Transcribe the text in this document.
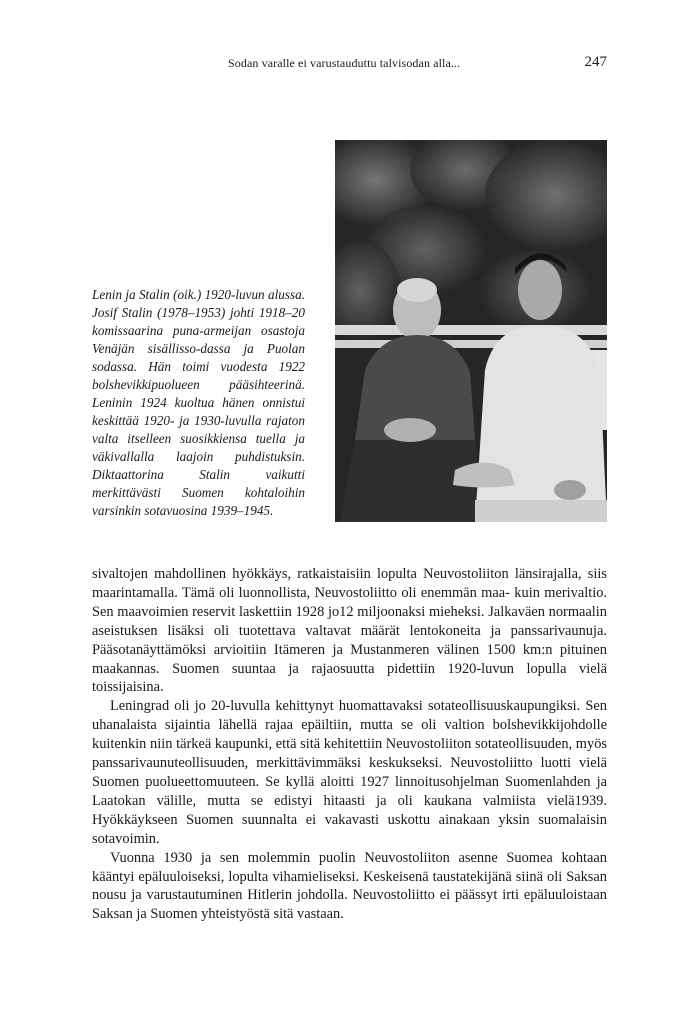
Sodan varalle ei varustauduttu talvisodan alla...	247
Lenin ja Stalin (oik.) 1920-luvun alussa. Josif Stalin (1978–1953) johti 1918–20 komissaarina puna-armeijan osastoja Venäjän sisällisso-dassa ja Puolan sodassa. Hän toimi vuodesta 1922 bolshevikkipuolueen pääsihteerinä. Leninin 1924 kuoltua hänen onnistui keskittää 1920- ja 1930-luvulla rajaton valta itselleen suosikkiensa tuella ja väkivallalla laajoin puhdistuksin. Diktaattorina Stalin vaikutti merkittävästi Suomen kohtaloihin varsinkin sotavuosina 1939–1945.

sivaltojen mahdollinen hyökkäys, ratkaistaisiin lopulta Neuvostoliiton länsirajalla, siis maarintamalla. Tämä oli luonnollista, Neuvostoliitto oli enemmän maa- kuin merivaltio. Sen maavoimien reservit laskettiin 1928 jo12 miljoonaksi mieheksi. Jalkaväen normaalin aseistuksen lisäksi oli tuotettava valtavat määrät lentokoneita ja panssarivaunuja. Pääsotanäyttämöksi arvioitiin Itämeren ja Mustanmeren välinen 1500 km:n pituinen maakannas. Suomen suuntaa ja rajaosuutta pidettiin 1920-luvun lopulla vielä toissijaisina.

Leningrad oli jo 20-luvulla kehittynyt huomattavaksi sotateollisuuskaupungiksi. Sen uhanalaista sijaintia lähellä rajaa epäiltiin, mutta se oli valtion bolshevikkijohdolle kuitenkin niin tärkeä kaupunki, että sitä kehitettiin Neuvostoliiton sotateollisuuden, myös panssarivaunuteollisuuden, merkittävimmäksi keskukseksi. Neuvostoliitto luotti vielä Suomen puolueettomuuteen. Se kyllä aloitti 1927 linnoitusohjelman Suomenlahden ja Laatokan välille, mutta se edistyi hitaasti ja oli kaukana valmiista vielä1939. Hyökkäykseen Suomen suunnalta ei vakavasti uskottu ainakaan yksin suomalaisin sotavoimin.

Vuonna 1930 ja sen molemmin puolin Neuvostoliiton asenne Suomea kohtaan kääntyi epäluuloiseksi, lopulta vihamieliseksi. Keskeisenä taustatekijänä siinä oli Saksan nousu ja varustautuminen Hitlerin johdolla. Neuvostoliitto ei päässyt irti epäluuloistaan Saksan ja Suomen yhteistyöstä sitä vastaan.
